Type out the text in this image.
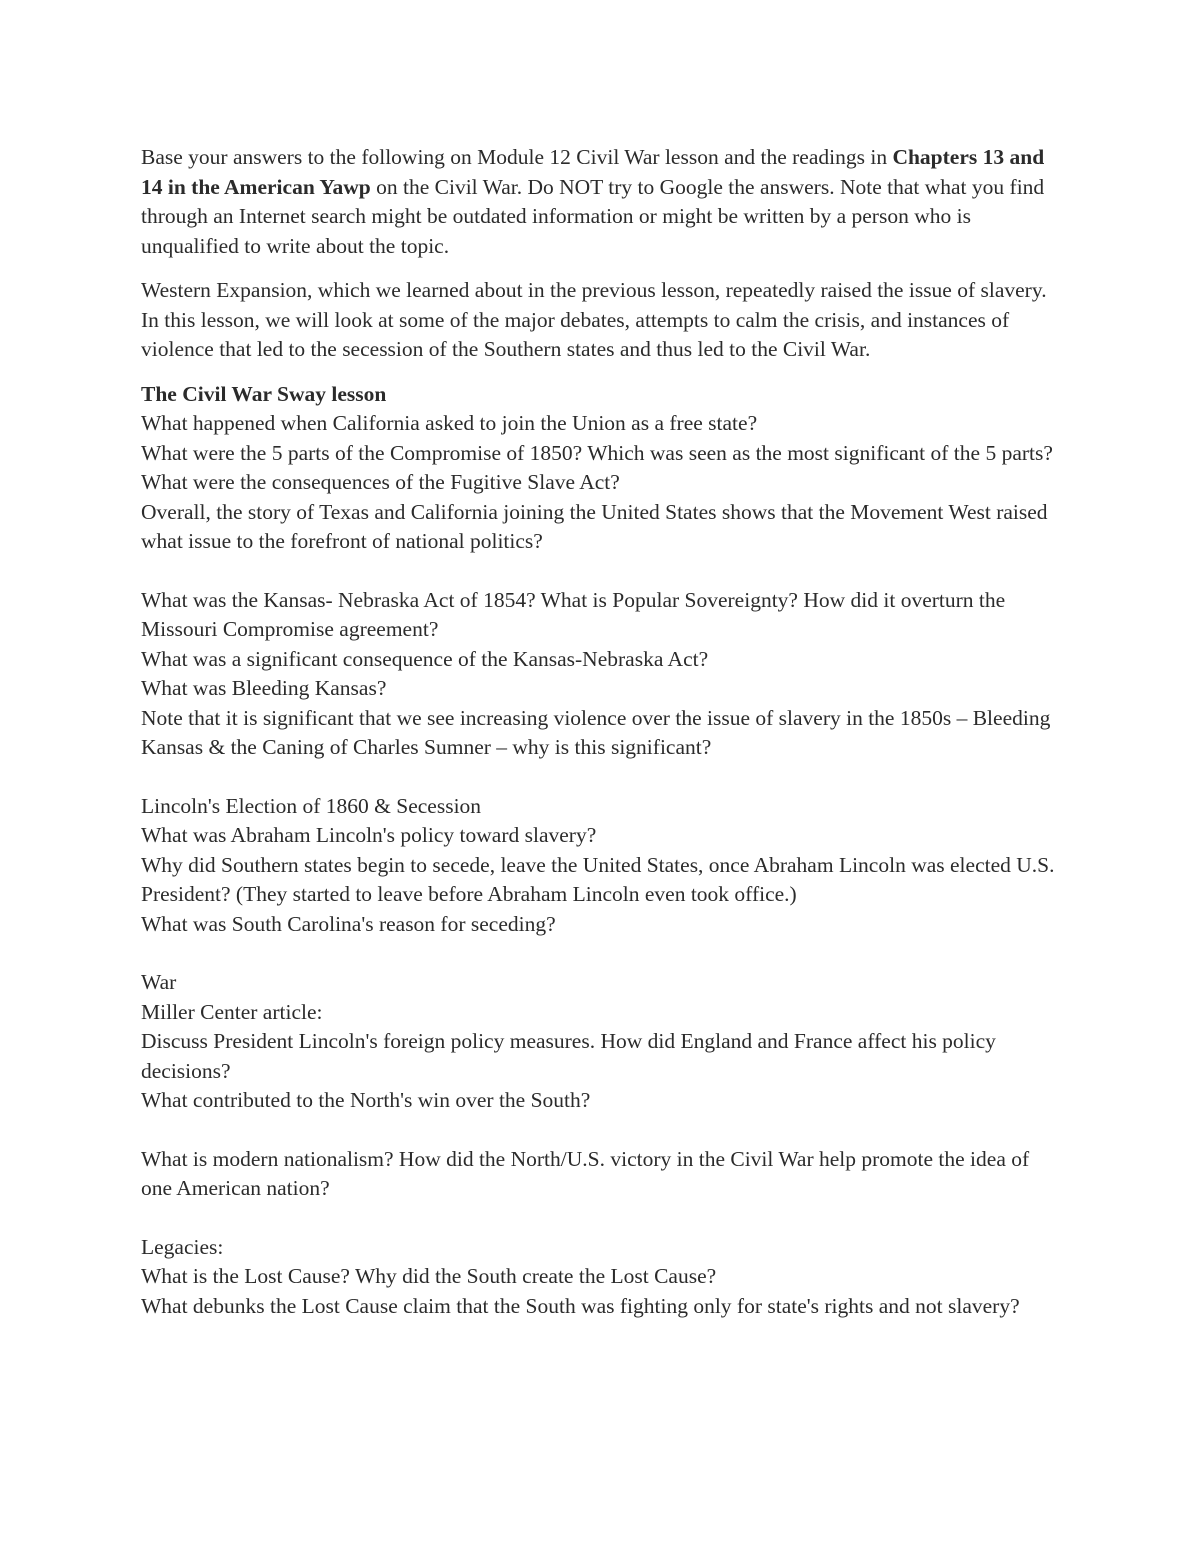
Base your answers to the following on Module 12 Civil War lesson and the readings in Chapters 13 and 14 in the American Yawp on the Civil War. Do NOT try to Google the answers. Note that what you find through an Internet search might be outdated information or might be written by a person who is unqualified to write about the topic.

Western Expansion, which we learned about in the previous lesson, repeatedly raised the issue of slavery. In this lesson, we will look at some of the major debates, attempts to calm the crisis, and instances of violence that led to the secession of the Southern states and thus led to the Civil War.

The Civil War Sway lesson
What happened when California asked to join the Union as a free state?
What were the 5 parts of the Compromise of 1850? Which was seen as the most significant of the 5 parts?
What were the consequences of the Fugitive Slave Act?
Overall, the story of Texas and California joining the United States shows that the Movement West raised what issue to the forefront of national politics?
What was the Kansas- Nebraska Act of 1854? What is Popular Sovereignty? How did it overturn the Missouri Compromise agreement?
What was a significant consequence of the Kansas-Nebraska Act?
What was Bleeding Kansas?
Note that it is significant that we see increasing violence over the issue of slavery in the 1850s – Bleeding Kansas & the Caning of Charles Sumner – why is this significant?
Lincoln's Election of 1860 & Secession
What was Abraham Lincoln's policy toward slavery?
Why did Southern states begin to secede, leave the United States, once Abraham Lincoln was elected U.S. President? (They started to leave before Abraham Lincoln even took office.)
What was South Carolina's reason for seceding?
War
Miller Center article:
Discuss President Lincoln's foreign policy measures. How did England and France affect his policy decisions?
What contributed to the North's win over the South?
What is modern nationalism? How did the North/U.S. victory in the Civil War help promote the idea of one American nation?
Legacies:
What is the Lost Cause? Why did the South create the Lost Cause?
What debunks the Lost Cause claim that the South was fighting only for state's rights and not slavery?
